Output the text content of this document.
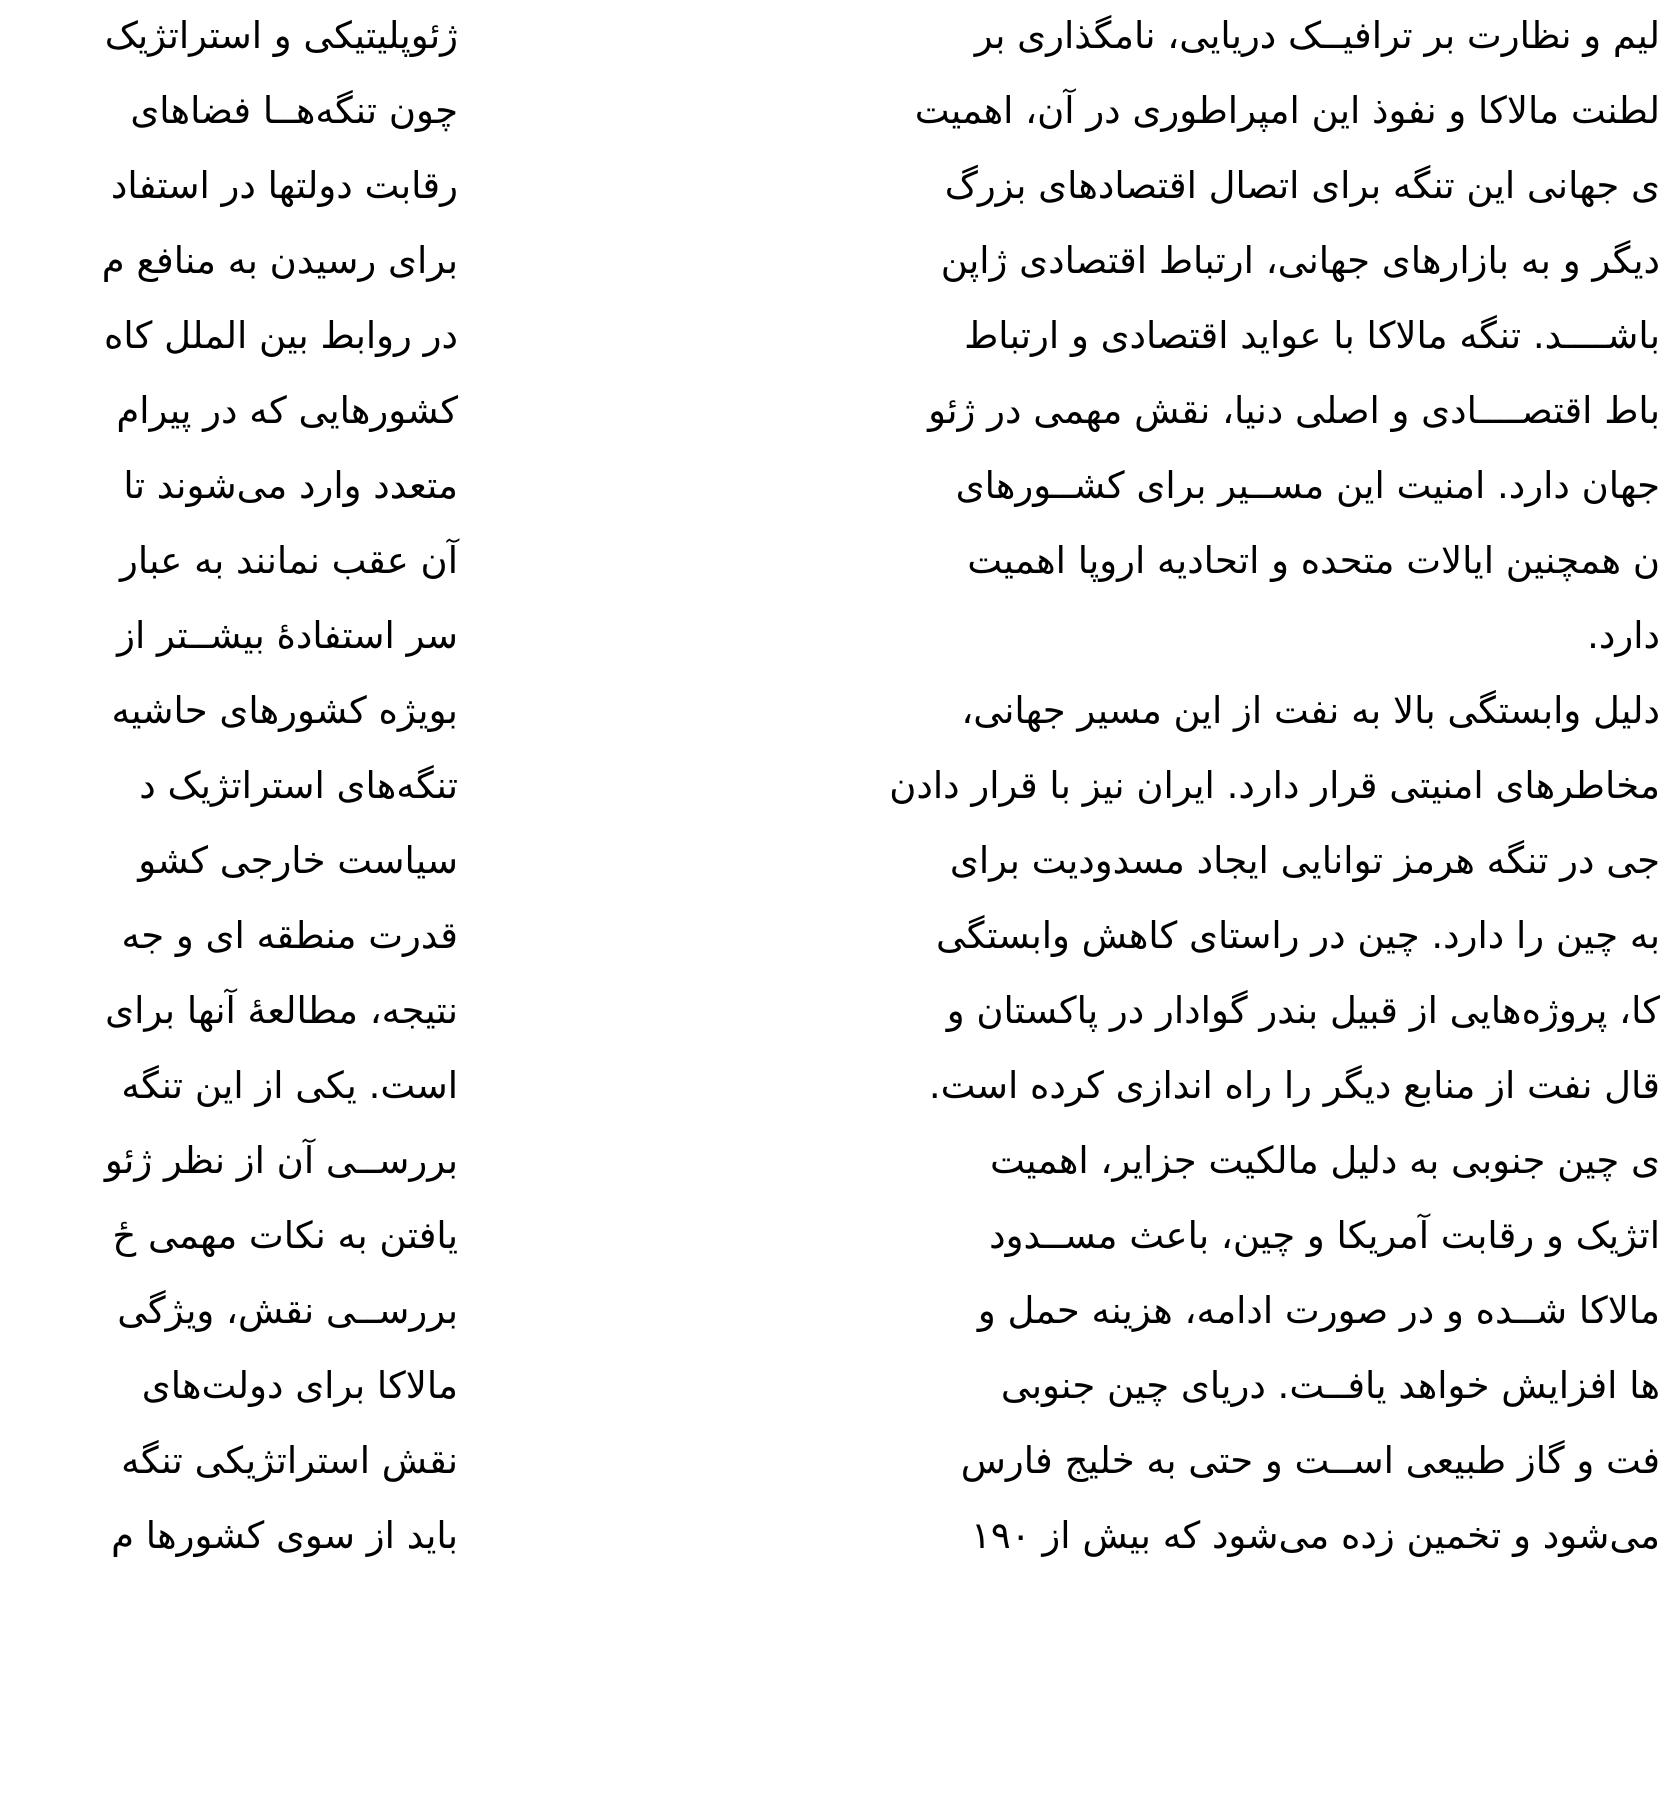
ژئوپلیتیکی و استراتژیک
چون تنگه‌هــا فضاهای
رقابت دولتها در استفاد
برای رسیدن به منافع م
در روابط بین الملل کاه
کشورهایی که در پیرام
متعدد وارد می‌شوند تا
آن عقب نمانند به عبار
سر استفادهٔ بیشــتر از
بویژه کشورهای حاشیه
تنگه‌های استراتژیک د
سیاست خارجی کشو
قدرت منطقه ای و جه
نتیجه، مطالعهٔ آنها برای
است. یکی از این تنگه
بررســی آن از نظر ژئو
یافتن به نکات مهمی ځ
بررســی نقش، ویژگی
مالاکا برای دولت‌های
نقش استراتژیکی تنگه
باید از سوی کشورها م
لیم و نظارت بر ترافیــک دریایی، نامگذاری بر
لطنت مالاکا و نفوذ این امپراطوری در آن، اهمیت
ی جهانی این تنگه برای اتصال اقتصادهای بزرگ
دیگر و به بازارهای جهانی، ارتباط اقتصادی ژاپن
باشــــد. تنگه مالاکا با عواید اقتصادی و ارتباط
باط اقتصــــادی و اصلی دنیا، نقش مهمی در ژئو
جهان دارد. امنیت این مســیر برای کشــورهای
ن همچنین ایالات متحده و اتحادیه اروپا اهمیت
دارد.
دلیل وابستگی بالا به نفت از این مسیر جهانی،
مخاطرهای امنیتی قرار دارد. ایران نیز با قرار دادن
جی در تنگه هرمز توانایی ایجاد مسدودیت برای
به چین را دارد. چین در راستای کاهش وابستگی
کا، پروژه‌هایی از قبیل بندر گوادار در پاکستان و
قال نفت از منابع دیگر را راه اندازی کرده است.
ی چین جنوبی به دلیل مالکیت جزایر، اهمیت
اتژیک و رقابت آمریکا و چین، باعث مســدود
مالاکا شــده و در صورت ادامه، هزینه حمل و
ها افزایش خواهد یافــت. دریای چین جنوبی
فت و گاز طبیعی اســت و حتی به خلیج فارس
می‌شود و تخمین زده می‌شود که بیش از ۱۹۰
